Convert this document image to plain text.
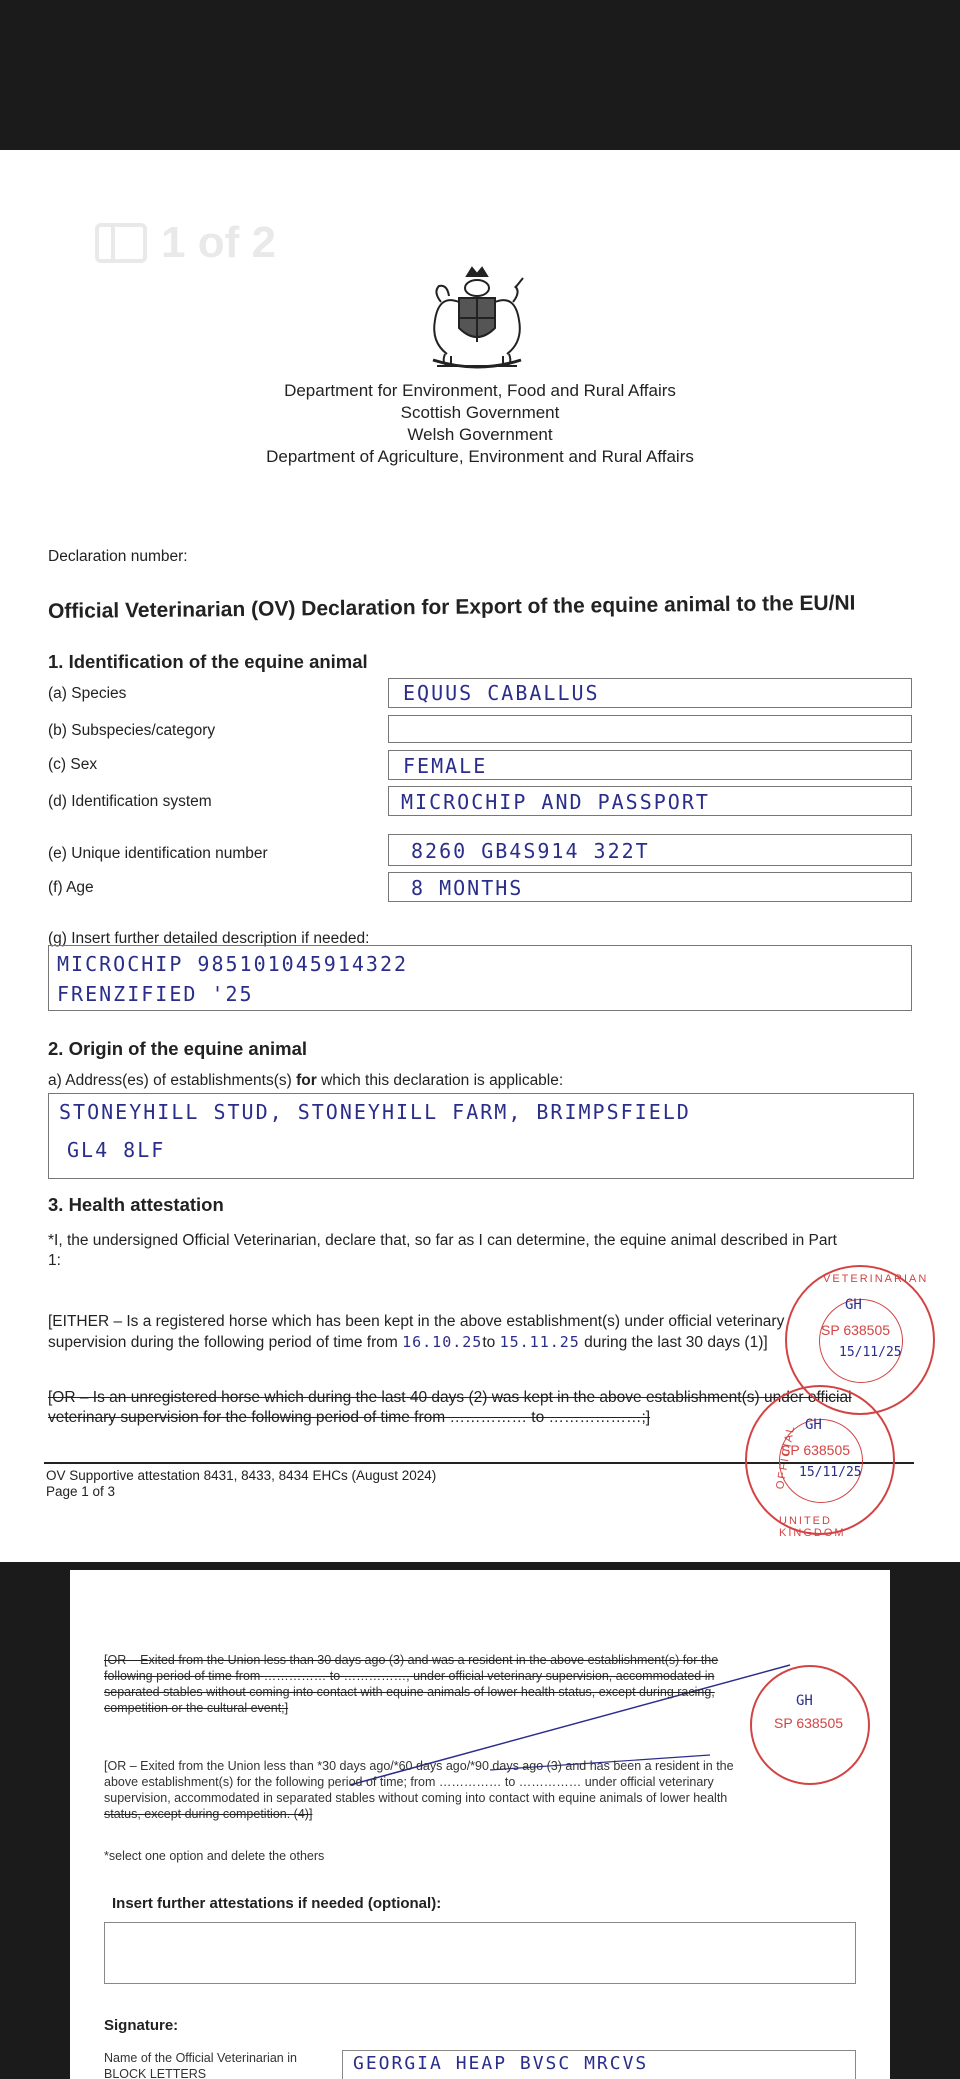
1 of 2
Department for Environment, Food and Rural Affairs
Scottish Government
Welsh Government
Department of Agriculture, Environment and Rural Affairs
Declaration number:
Official Veterinarian (OV) Declaration for Export of the equine animal to the EU/NI
1. Identification of the equine animal
(a) Species
(b) Subspecies/category
(c) Sex
(d) Identification system
(e) Unique identification number
(f) Age
EQUUS CABALLUS
FEMALE
MICROCHIP AND PASSPORT
8260 GB4S914 322T
8 MONTHS
(g) Insert further detailed description if needed:
MICROCHIP 985101045914322
FRENZIFIED '25
2. Origin of the equine animal
a) Address(es) of establishments(s) for which this declaration is applicable:
STONEYHILL STUD, STONEYHILL FARM, BRIMPSFIELD
GL4 8LF
3. Health attestation
*I, the undersigned Official Veterinarian, declare that, so far as I can determine, the equine animal described in Part
1:
[EITHER – Is a registered horse which has been kept in the above establishment(s) under official veterinary
supervision during the following period of time from 16.10.25to 15.11.25 during the last 30 days (1)]
[OR – Is an unregistered horse which during the last 40 days (2) was kept in the above establishment(s) under official
veterinary supervision for the following period of time from …………… to ………………;]
OV Supportive attestation 8431, 8433, 8434 EHCs (August 2024)
Page 1 of 3
VETERINARIAN
GH
SP 638505
15/11/25
OFFICIAL GH
SP 638505
15/11/25
UNITED KINGDOM
[OR – Exited from the Union less than 30 days ago (3) and was a resident in the above establishment(s) for the
following period of time from …………… to ……………, under official veterinary supervision, accommodated in
separated stables without coming into contact with equine animals of lower health status, except during racing,
competition or the cultural event;]
[OR – Exited from the Union less than *30 days ago/*60 days ago/*90 days ago (3) and has been a resident in the
above establishment(s) for the following period of time; from …………… to …………… under official veterinary
supervision, accommodated in separated stables without coming into contact with equine animals of lower health
status, except during competition. (4)]
GH
SP 638505
*select one option and delete the others
Insert further attestations if needed (optional):
Signature:
Name of the Official Veterinarian in
BLOCK LETTERS	GEORGIA HEAP BVSC MRCVS
